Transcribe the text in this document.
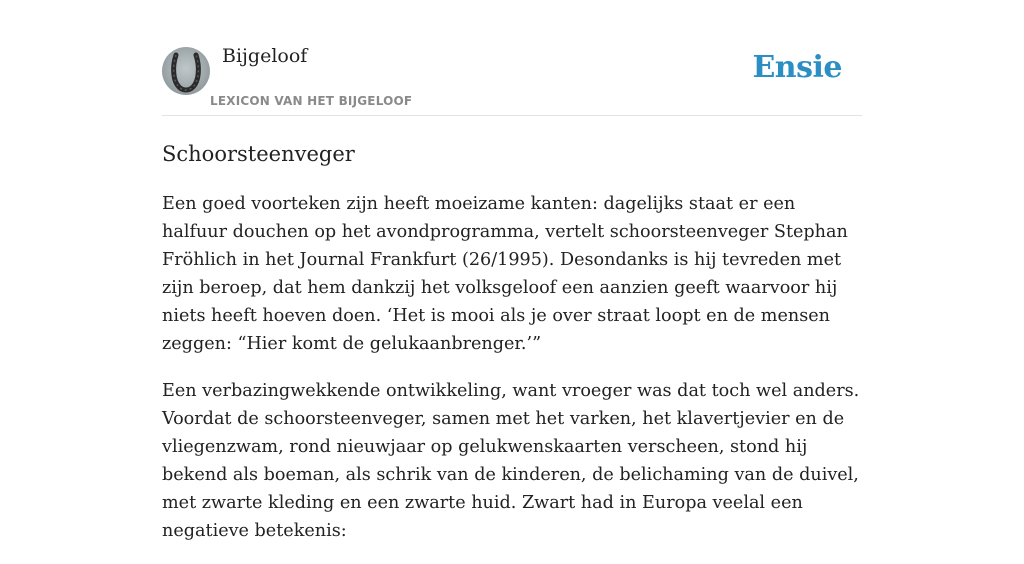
Bijgeloof
LEXICON VAN HET BIJGELOOF
Ensie
Schoorsteenveger

Een goed voorteken zijn heeft moeizame kanten: dagelijks staat er een halfuur douchen op het avondprogramma, vertelt schoorsteenveger Stephan Fröhlich in het Journal Frankfurt (26/1995). Desondanks is hij tevreden met zijn beroep, dat hem dankzij het volksgeloof een aanzien geeft waarvoor hij niets heeft hoeven doen. ‘Het is mooi als je over straat loopt en de mensen zeggen: “Hier komt de gelukaanbrenger.’”

Een verbazingwekkende ontwikkeling, want vroeger was dat toch wel anders. Voordat de schoorsteenveger, samen met het varken, het klavertjevier en de vliegenzwam, rond nieuwjaar op gelukwenskaarten verscheen, stond hij bekend als boeman, als schrik van de kinderen, de belichaming van de duivel, met zwarte kleding en een zwarte huid. Zwart had in Europa veelal een negatieve betekenis:
